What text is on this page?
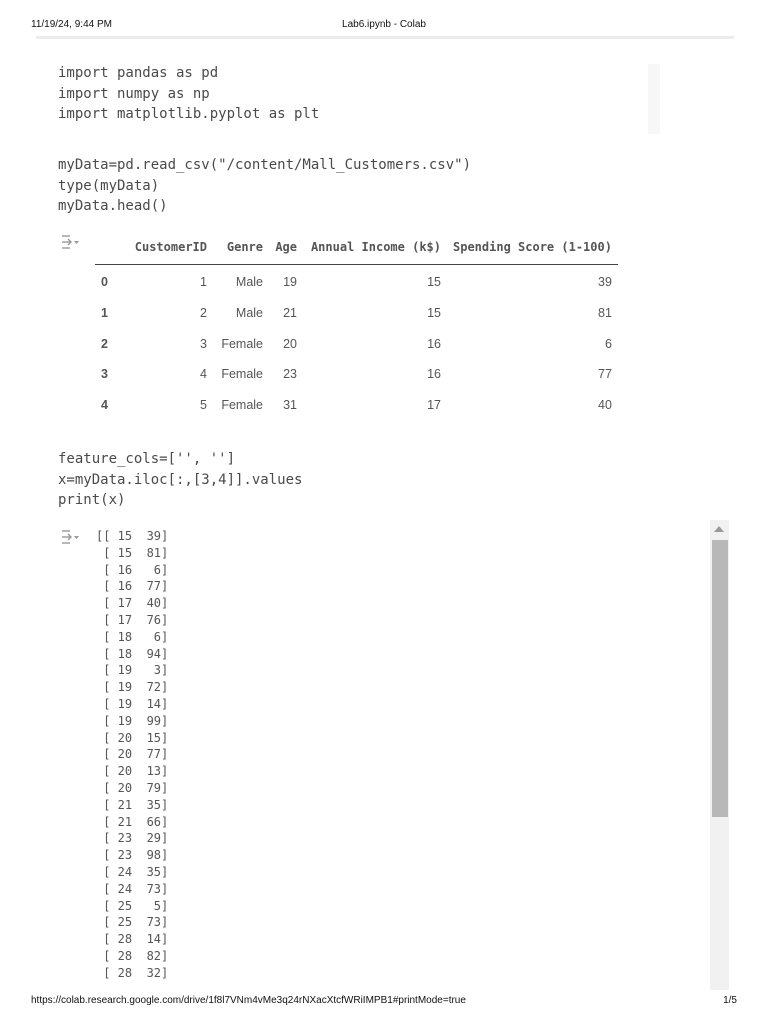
11/19/24, 9:44 PM	Lab6.ipynb - Colab
import pandas as pd
import numpy as np
import matplotlib.pyplot as plt
myData=pd.read_csv("/content/Mall_Customers.csv")
type(myData)
myData.head()
	CustomerID	Genre	Age	Annual Income (k$)	Spending Score (1-100)
0	1	Male	19	15	39
1	2	Male	21	15	81
2	3	Female	20	16	6
3	4	Female	23	16	77
4	5	Female	31	17	40
feature_cols=['', '']
x=myData.iloc[:,[3,4]].values
print(x)
[[ 15  39]
[ 15  81]
[ 16   6]
[ 16  77]
[ 17  40]
[ 17  76]
[ 18   6]
[ 18  94]
[ 19   3]
[ 19  72]
[ 19  14]
[ 19  99]
[ 20  15]
[ 20  77]
[ 20  13]
[ 20  79]
[ 21  35]
[ 21  66]
[ 23  29]
[ 23  98]
[ 24  35]
[ 24  73]
[ 25   5]
[ 25  73]
[ 28  14]
[ 28  82]
[ 28  32]
https://colab.research.google.com/drive/1f8l7VNm4vMe3q24rNXacXtcfWRiIMPB1#printMode=true	1/5
